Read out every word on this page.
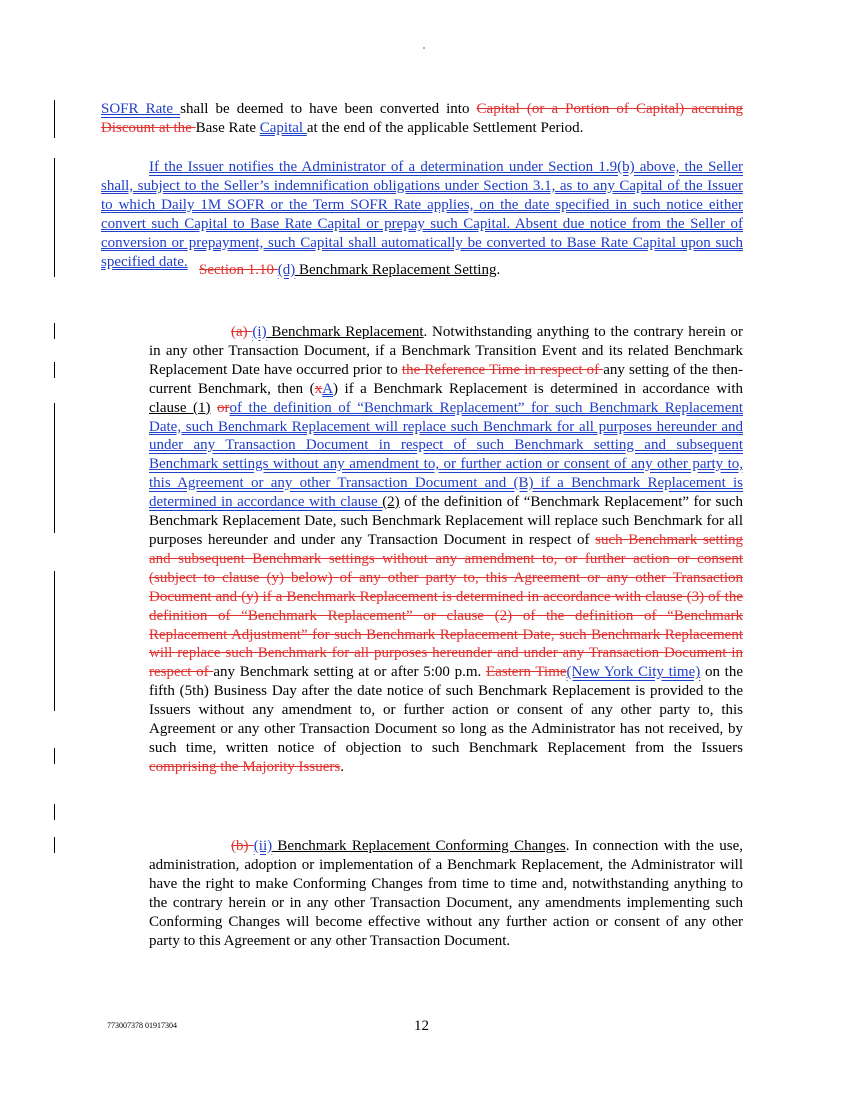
SOFR Rate shall be deemed to have been converted into Capital (or a Portion of Capital) accruing Discount at the Base Rate Capital at the end of the applicable Settlement Period.

If the Issuer notifies the Administrator of a determination under Section 1.9(b) above, the Seller shall, subject to the Seller’s indemnification obligations under Section 3.1, as to any Capital of the Issuer to which Daily 1M SOFR or the Term SOFR Rate applies, on the date specified in such notice either convert such Capital to Base Rate Capital or prepay such Capital. Absent due notice from the Seller of conversion or prepayment, such Capital shall automatically be converted to Base Rate Capital upon such specified date.

Section 1.10 (d) Benchmark Replacement Setting.

(a) (i) Benchmark Replacement. Notwithstanding anything to the contrary herein or in any other Transaction Document, if a Benchmark Transition Event and its related Benchmark Replacement Date have occurred prior to the Reference Time in respect of any setting of the then-current Benchmark, then (xA) if a Benchmark Replacement is determined in accordance with clause (1) orof the definition of “Benchmark Replacement” for such Benchmark Replacement Date, such Benchmark Replacement will replace such Benchmark for all purposes hereunder and under any Transaction Document in respect of such Benchmark setting and subsequent Benchmark settings without any amendment to, or further action or consent of any other party to, this Agreement or any other Transaction Document and (B) if a Benchmark Replacement is determined in accordance with clause (2) of the definition of “Benchmark Replacement” for such Benchmark Replacement Date, such Benchmark Replacement will replace such Benchmark for all purposes hereunder and under any Transaction Document in respect of such Benchmark setting and subsequent Benchmark settings without any amendment to, or further action or consent (subject to clause (y) below) of any other party to, this Agreement or any other Transaction Document and (y) if a Benchmark Replacement is determined in accordance with clause (3) of the definition of “Benchmark Replacement” or clause (2) of the definition of “Benchmark Replacement Adjustment” for such Benchmark Replacement Date, such Benchmark Replacement will replace such Benchmark for all purposes hereunder and under any Transaction Document in respect of any Benchmark setting at or after 5:00 p.m. Eastern Time(New York City time) on the fifth (5th) Business Day after the date notice of such Benchmark Replacement is provided to the Issuers without any amendment to, or further action or consent of any other party to, this Agreement or any other Transaction Document so long as the Administrator has not received, by such time, written notice of objection to such Benchmark Replacement from the Issuers comprising the Majority Issuers.

(b) (ii) Benchmark Replacement Conforming Changes. In connection with the use, administration, adoption or implementation of a Benchmark Replacement, the Administrator will have the right to make Conforming Changes from time to time and, notwithstanding anything to the contrary herein or in any other Transaction Document, any amendments implementing such Conforming Changes will become effective without any further action or consent of any other party to this Agreement or any other Transaction Document.

773007378 01917304	12
